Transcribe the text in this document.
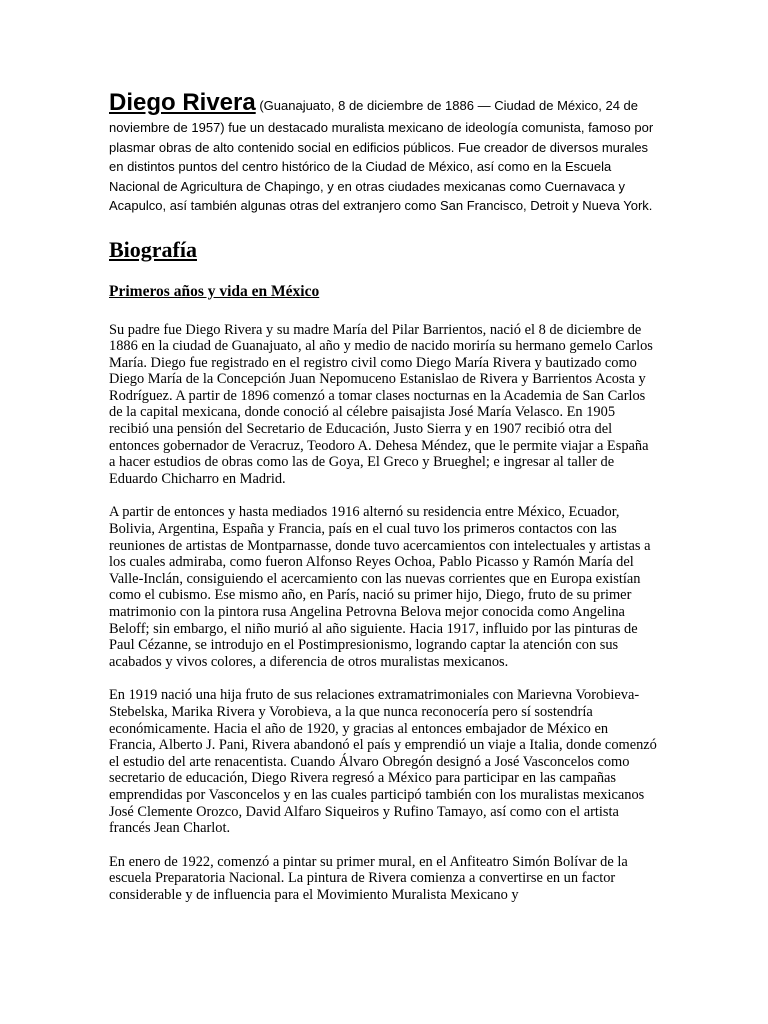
Diego Rivera (Guanajuato, 8 de diciembre de 1886 — Ciudad de México, 24 de noviembre de 1957) fue un destacado muralista mexicano de ideología comunista, famoso por plasmar obras de alto contenido social en edificios públicos. Fue creador de diversos murales en distintos puntos del centro histórico de la Ciudad de México, así como en la Escuela Nacional de Agricultura de Chapingo, y en otras ciudades mexicanas como Cuernavaca y Acapulco, así también algunas otras del extranjero como San Francisco, Detroit y Nueva York.

Biografía
Primeros años y vida en México

Su padre fue Diego Rivera y su madre María del Pilar Barrientos, nació el 8 de diciembre de 1886 en la ciudad de Guanajuato, al año y medio de nacido moriría su hermano gemelo Carlos María. Diego fue registrado en el registro civil como Diego María Rivera y bautizado como Diego María de la Concepción Juan Nepomuceno Estanislao de Rivera y Barrientos Acosta y Rodríguez. A partir de 1896 comenzó a tomar clases nocturnas en la Academia de San Carlos de la capital mexicana, donde conoció al célebre paisajista José María Velasco. En 1905 recibió una pensión del Secretario de Educación, Justo Sierra y en 1907 recibió otra del entonces gobernador de Veracruz, Teodoro A. Dehesa Méndez, que le permite viajar a España a hacer estudios de obras como las de Goya, El Greco y Brueghel; e ingresar al taller de Eduardo Chicharro en Madrid.

A partir de entonces y hasta mediados 1916 alternó su residencia entre México, Ecuador, Bolivia, Argentina, España y Francia, país en el cual tuvo los primeros contactos con las reuniones de artistas de Montparnasse, donde tuvo acercamientos con intelectuales y artistas a los cuales admiraba, como fueron Alfonso Reyes Ochoa, Pablo Picasso y Ramón María del Valle-Inclán, consiguiendo el acercamiento con las nuevas corrientes que en Europa existían como el cubismo. Ese mismo año, en París, nació su primer hijo, Diego, fruto de su primer matrimonio con la pintora rusa Angelina Petrovna Belova mejor conocida como Angelina Beloff; sin embargo, el niño murió al año siguiente. Hacia 1917, influido por las pinturas de Paul Cézanne, se introdujo en el Postimpresionismo, logrando captar la atención con sus acabados y vivos colores, a diferencia de otros muralistas mexicanos.

En 1919 nació una hija fruto de sus relaciones extramatrimoniales con Marievna Vorobieva-Stebelska, Marika Rivera y Vorobieva, a la que nunca reconocería pero sí sostendría económicamente. Hacia el año de 1920, y gracias al entonces embajador de México en Francia, Alberto J. Pani, Rivera abandonó el país y emprendió un viaje a Italia, donde comenzó el estudio del arte renacentista. Cuando Álvaro Obregón designó a José Vasconcelos como secretario de educación, Diego Rivera regresó a México para participar en las campañas emprendidas por Vasconcelos y en las cuales participó también con los muralistas mexicanos José Clemente Orozco, David Alfaro Siqueiros y Rufino Tamayo, así como con el artista francés Jean Charlot.

En enero de 1922, comenzó a pintar su primer mural, en el Anfiteatro Simón Bolívar de la escuela Preparatoria Nacional. La pintura de Rivera comienza a convertirse en un factor considerable y de influencia para el Movimiento Muralista Mexicano y
